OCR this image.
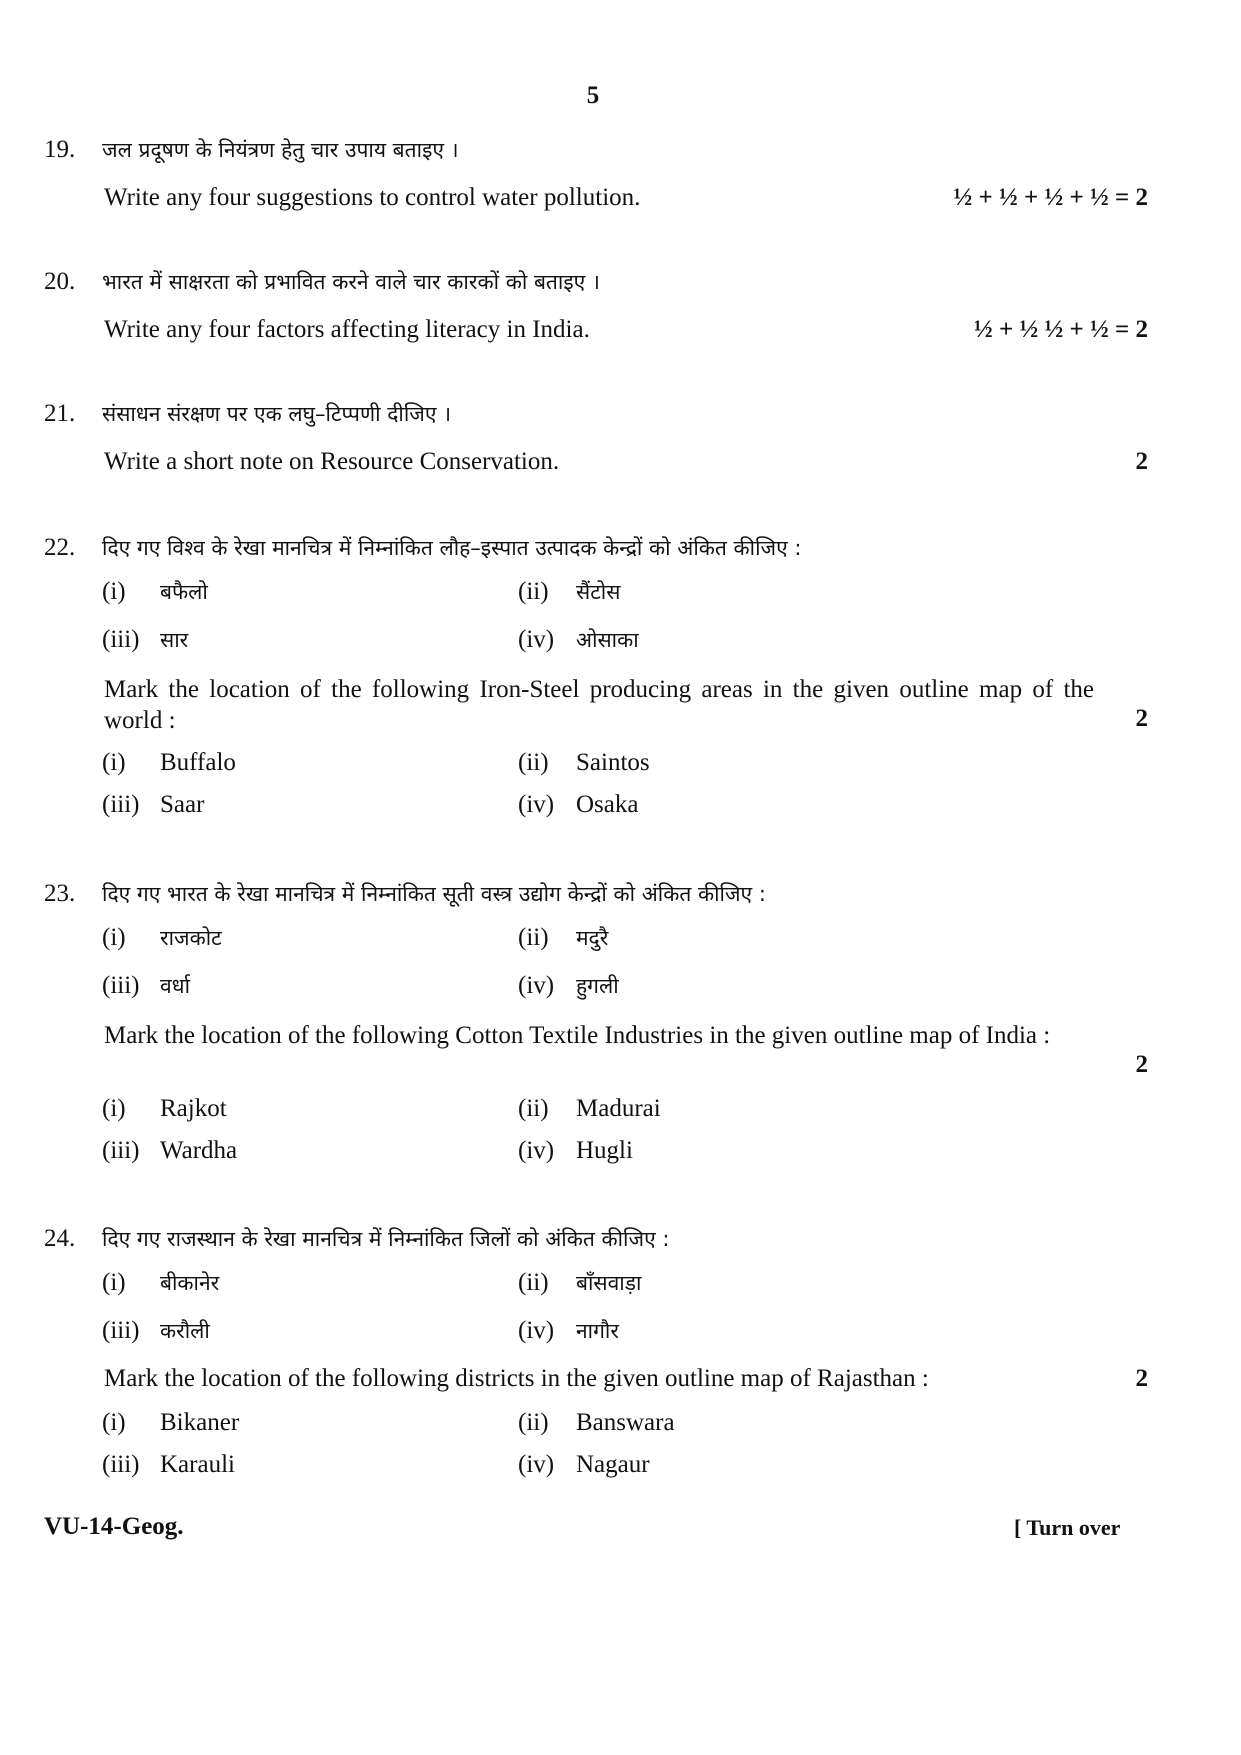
5
19. जल प्रदूषण के नियंत्रण हेतु चार उपाय बताइए ।
Write any four suggestions to control water pollution.	½ + ½ + ½ + ½ = 2
20. भारत में साक्षरता को प्रभावित करने वाले चार कारकों को बताइए ।
Write any four factors affecting literacy in India.	½ + ½ ½ + ½ = 2
21. संसाधन संरक्षण पर एक लघु–टिप्पणी दीजिए ।
Write a short note on Resource Conservation.	2
22. दिए गए विश्व के रेखा मानचित्र में निम्नांकित लौह–इस्पात उत्पादक केन्द्रों को अंकित कीजिए :
(i) बफैलो	(ii) सैंटोस
(iii) सार	(iv) ओसाका
Mark the location of the following Iron-Steel producing areas in the given outline map of the world :	2
(i) Buffalo	(ii) Saintos
(iii) Saar	(iv) Osaka
23. दिए गए भारत के रेखा मानचित्र में निम्नांकित सूती वस्त्र उद्योग केन्द्रों को अंकित कीजिए :
(i) राजकोट	(ii) मदुरै
(iii) वर्धा	(iv) हुगली
Mark the location of the following Cotton Textile Industries in the given outline map of India :
2
(i) Rajkot	(ii) Madurai
(iii) Wardha	(iv) Hugli
24. दिए गए राजस्थान के रेखा मानचित्र में निम्नांकित जिलों को अंकित कीजिए :
(i) बीकानेर	(ii) बाँसवाड़ा
(iii) करौली	(iv) नागौर
Mark the location of the following districts in the given outline map of Rajasthan :	2
(i) Bikaner	(ii) Banswara
(iii) Karauli	(iv) Nagaur
VU-14-Geog.	[ Turn over
